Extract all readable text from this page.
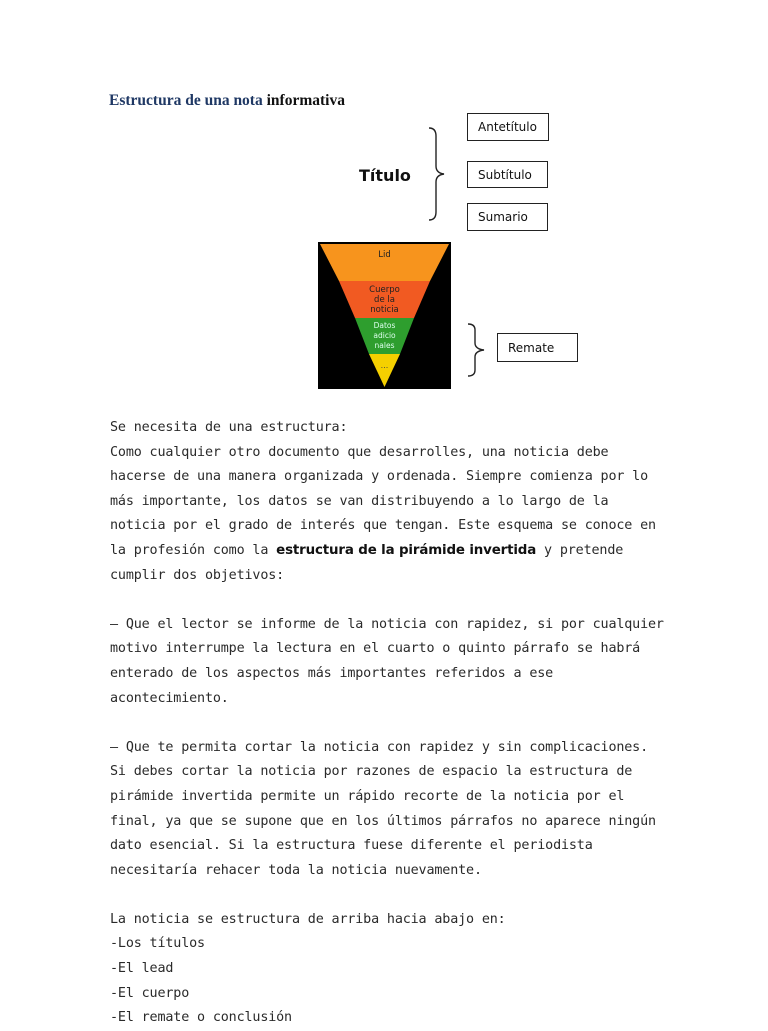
Estructura de una nota informativa
Título
Antetítulo
Subtítulo
Sumario
Lid
Cuerpo
de la
noticia
Datos
adicio
nales
...
Remate

Se necesita de una estructura:

Como cualquier otro documento que desarrolles, una noticia debe hacerse de una manera organizada y ordenada. Siempre comienza por lo más importante, los datos se van distribuyendo a lo largo de la noticia por el grado de interés que tengan. Este esquema se conoce en la profesión como la estructura de la pirámide invertida y pretende cumplir dos objetivos:

– Que el lector se informe de la noticia con rapidez, si por cualquier motivo interrumpe la lectura en el cuarto o quinto párrafo se habrá enterado de los aspectos más importantes referidos a ese acontecimiento.

– Que te permita cortar la noticia con rapidez y sin complicaciones. Si debes cortar la noticia por razones de espacio la estructura de pirámide invertida permite un rápido recorte de la noticia por el final, ya que se supone que en los últimos párrafos no aparece ningún dato esencial. Si la estructura fuese diferente el periodista necesitaría rehacer toda la noticia nuevamente.

La noticia se estructura de arriba hacia abajo en:

-Los títulos

-El lead

-El cuerpo

-El remate o conclusión
